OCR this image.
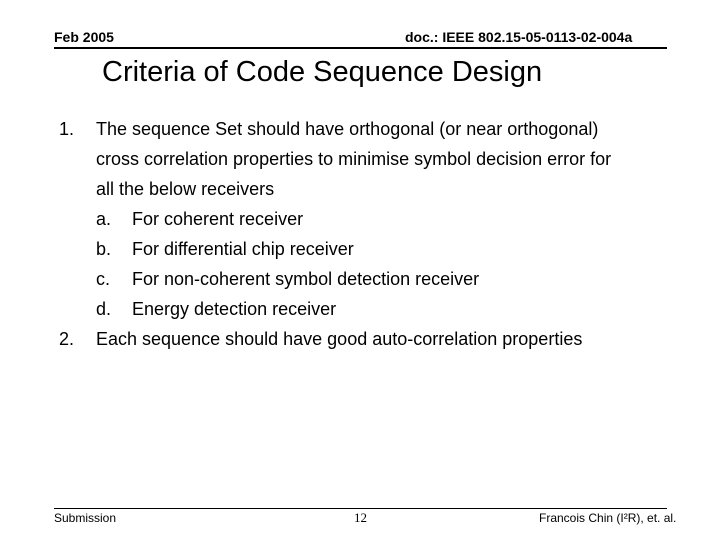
Feb 2005	doc.: IEEE 802.15-05-0113-02-004a
Criteria of Code Sequence Design
1. The sequence Set should have orthogonal (or near orthogonal)
cross correlation properties to minimise symbol decision error for
all the below receivers
a. For coherent receiver
b. For differential chip receiver
c. For non-coherent symbol detection receiver
d. Energy detection receiver
2. Each sequence should have good auto-correlation properties
Submission	12	Francois Chin (I²R), et. al.
